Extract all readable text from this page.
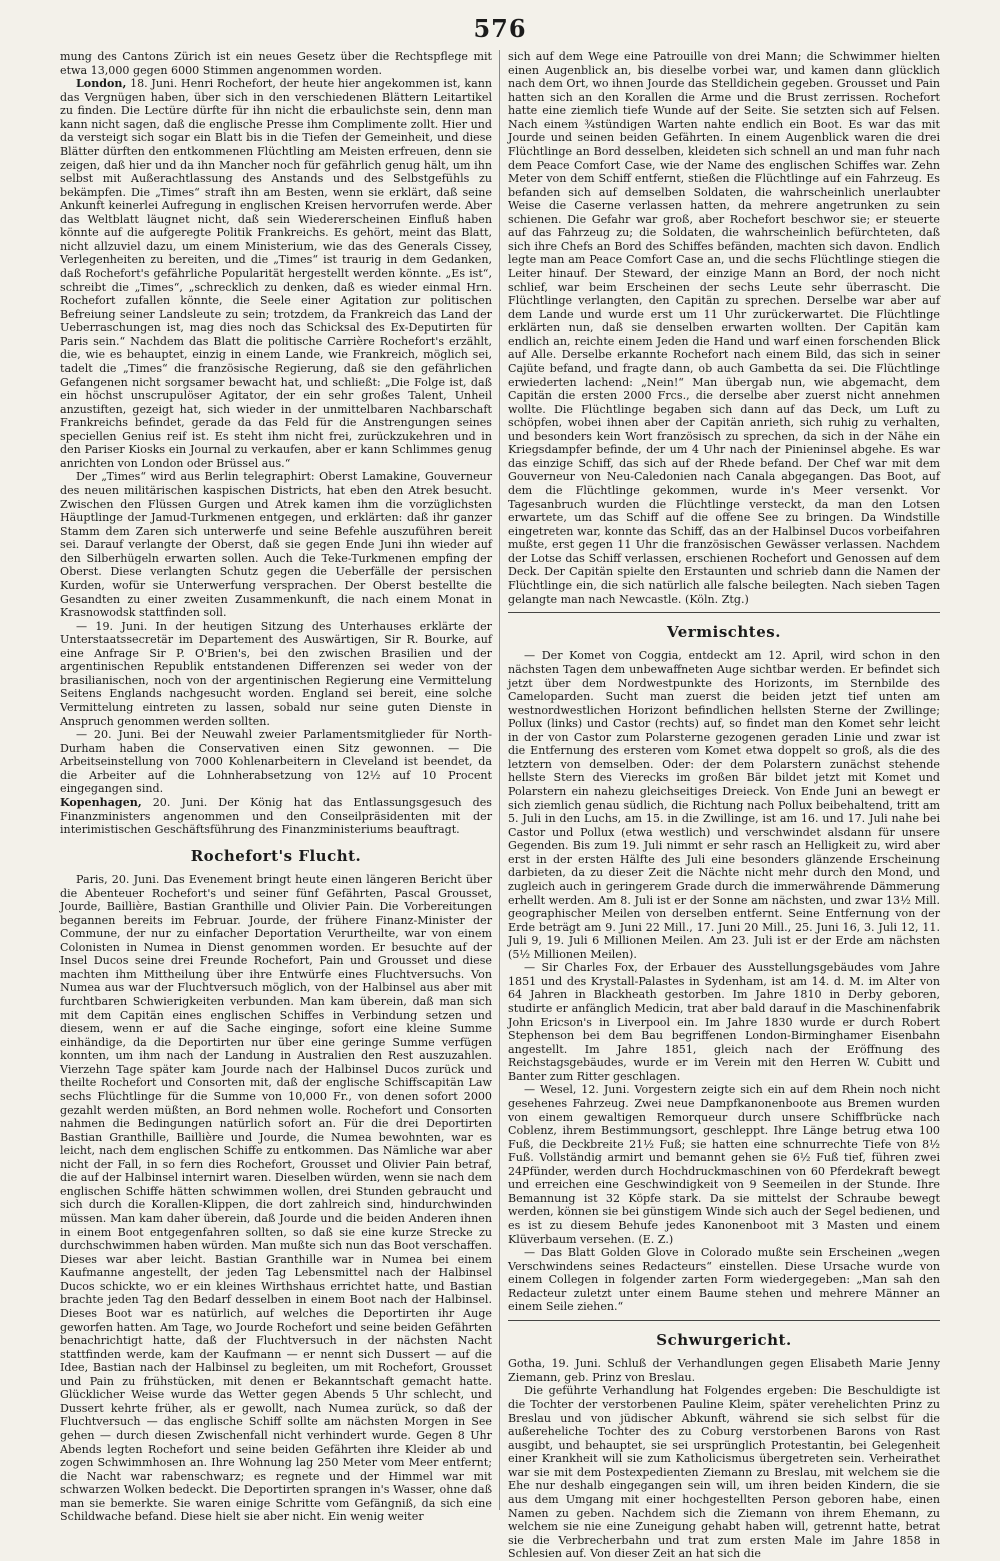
576

mung des Cantons Zürich ist ein neues Gesetz über die Rechtspflege mit etwa 13,000 gegen 6000 Stimmen angenommen worden.

London, 18. Juni. Henri Rochefort, der heute hier angekommen ist, kann das Vergnügen haben, über sich in den verschiedenen Blättern Leitartikel zu finden. Die Lectüre dürfte für ihn nicht die erbaulichste sein, denn man kann nicht sagen, daß die englische Presse ihm Complimente zollt. Hier und da versteigt sich sogar ein Blatt bis in die Tiefen der Gemeinheit, und diese Blätter dürften den entkommenen Flüchtling am Meisten erfreuen, denn sie zeigen, daß hier und da ihn Mancher noch für gefährlich genug hält, um ihn selbst mit Außerachtlassung des Anstands und des Selbstgefühls zu bekämpfen. Die „Times“ straft ihn am Besten, wenn sie erklärt, daß seine Ankunft keinerlei Aufregung in englischen Kreisen hervorrufen werde. Aber das Weltblatt läugnet nicht, daß sein Wiedererscheinen Einfluß haben könnte auf die aufgeregte Politik Frankreichs. Es gehört, meint das Blatt, nicht allzuviel dazu, um einem Ministerium, wie das des Generals Cissey, Verlegenheiten zu bereiten, und die „Times“ ist traurig in dem Gedanken, daß Rochefort's gefährliche Popularität hergestellt werden könnte. „Es ist“, schreibt die „Times“, „schrecklich zu denken, daß es wieder einmal Hrn. Rochefort zufallen könnte, die Seele einer Agitation zur politischen Befreiung seiner Landsleute zu sein; trotzdem, da Frankreich das Land der Ueberraschungen ist, mag dies noch das Schicksal des Ex-Deputirten für Paris sein.“ Nachdem das Blatt die politische Carrière Rochefort's erzählt, die, wie es behauptet, einzig in einem Lande, wie Frankreich, möglich sei, tadelt die „Times“ die französische Regierung, daß sie den gefährlichen Gefangenen nicht sorgsamer bewacht hat, und schließt: „Die Folge ist, daß ein höchst unscrupulöser Agitator, der ein sehr großes Talent, Unheil anzustiften, gezeigt hat, sich wieder in der unmittelbaren Nachbarschaft Frankreichs befindet, gerade da das Feld für die Anstrengungen seines speciellen Genius reif ist. Es steht ihm nicht frei, zurückzukehren und in den Pariser Kiosks ein Journal zu verkaufen, aber er kann Schlimmes genug anrichten von London oder Brüssel aus.“

Der „Times“ wird aus Berlin telegraphirt: Oberst Lamakine, Gouverneur des neuen militärischen kaspischen Districts, hat eben den Atrek besucht. Zwischen den Flüssen Gurgen und Atrek kamen ihm die vorzüglichsten Häuptlinge der Jamud-Turkmenen entgegen, und erklärten: daß ihr ganzer Stamm dem Zaren sich unterwerfe und seine Befehle auszuführen bereit sei. Darauf verlangte der Oberst, daß sie gegen Ende Juni ihn wieder auf den Silberhügeln erwarten sollen. Auch die Teke-Turkmenen empfing der Oberst. Diese verlangten Schutz gegen die Ueberfälle der persischen Kurden, wofür sie Unterwerfung versprachen. Der Oberst bestellte die Gesandten zu einer zweiten Zusammenkunft, die nach einem Monat in Krasnowodsk stattfinden soll.

— 19. Juni. In der heutigen Sitzung des Unterhauses erklärte der Unterstaatssecretär im Departement des Auswärtigen, Sir R. Bourke, auf eine Anfrage Sir P. O'Brien's, bei den zwischen Brasilien und der argentinischen Republik entstandenen Differenzen sei weder von der brasilianischen, noch von der argentinischen Regierung eine Vermittelung Seitens Englands nachgesucht worden. England sei bereit, eine solche Vermittelung eintreten zu lassen, sobald nur seine guten Dienste in Anspruch genommen werden sollten.

— 20. Juni. Bei der Neuwahl zweier Parlamentsmitglieder für North-Durham haben die Conservativen einen Sitz gewonnen. — Die Arbeitseinstellung von 7000 Kohlenarbeitern in Cleveland ist beendet, da die Arbeiter auf die Lohnherabsetzung von 12½ auf 10 Procent eingegangen sind.

Kopenhagen, 20. Juni. Der König hat das Entlassungsgesuch des Finanzministers angenommen und den Conseilpräsidenten mit der interimistischen Geschäftsführung des Finanzministeriums beauftragt.

Rochefort's Flucht.

Paris, 20. Juni. Das Evenement bringt heute einen längeren Bericht über die Abenteuer Rochefort's und seiner fünf Gefährten, Pascal Grousset, Jourde, Baillière, Bastian Granthille und Olivier Pain. Die Vorbereitungen begannen bereits im Februar. Jourde, der frühere Finanz-Minister der Commune, der nur zu einfacher Deportation Verurtheilte, war von einem Colonisten in Numea in Dienst genommen worden. Er besuchte auf der Insel Ducos seine drei Freunde Rochefort, Pain und Grousset und diese machten ihm Mittheilung über ihre Entwürfe eines Fluchtversuchs. Von Numea aus war der Fluchtversuch möglich, von der Halbinsel aus aber mit furchtbaren Schwierigkeiten verbunden. Man kam überein, daß man sich mit dem Capitän eines englischen Schiffes in Verbindung setzen und diesem, wenn er auf die Sache einginge, sofort eine kleine Summe einhändige, da die Deportirten nur über eine geringe Summe verfügen konnten, um ihm nach der Landung in Australien den Rest auszuzahlen. Vierzehn Tage später kam Jourde nach der Halbinsel Ducos zurück und theilte Rochefort und Consorten mit, daß der englische Schiffscapitän Law sechs Flüchtlinge für die Summe von 10,000 Fr., von denen sofort 2000 gezahlt werden müßten, an Bord nehmen wolle. Rochefort und Consorten nahmen die Bedingungen natürlich sofort an. Für die drei Deportirten Bastian Granthille, Baillière und Jourde, die Numea bewohnten, war es leicht, nach dem englischen Schiffe zu entkommen. Das Nämliche war aber nicht der Fall, in so fern dies Rochefort, Grousset und Olivier Pain betraf, die auf der Halbinsel internirt waren. Dieselben würden, wenn sie nach dem englischen Schiffe hätten schwimmen wollen, drei Stunden gebraucht und sich durch die Korallen-Klippen, die dort zahlreich sind, hindurchwinden müssen. Man kam daher überein, daß Jourde und die beiden Anderen ihnen in einem Boot entgegenfahren sollten, so daß sie eine kurze Strecke zu durchschwimmen haben würden. Man mußte sich nun das Boot verschaffen. Dieses war aber leicht. Bastian Granthille war in Numea bei einem Kaufmanne angestellt, der jeden Tag Lebensmittel nach der Halbinsel Ducos schickte, wo er ein kleines Wirthshaus errichtet hatte, und Bastian brachte jeden Tag den Bedarf desselben in einem Boot nach der Halbinsel. Dieses Boot war es natürlich, auf welches die Deportirten ihr Auge geworfen hatten. Am Tage, wo Jourde Rochefort und seine beiden Gefährten benachrichtigt hatte, daß der Fluchtversuch in der nächsten Nacht stattfinden werde, kam der Kaufmann — er nennt sich Dussert — auf die Idee, Bastian nach der Halbinsel zu begleiten, um mit Rochefort, Grousset und Pain zu frühstücken, mit denen er Bekanntschaft gemacht hatte. Glücklicher Weise wurde das Wetter gegen Abends 5 Uhr schlecht, und Dussert kehrte früher, als er gewollt, nach Numea zurück, so daß der Fluchtversuch — das englische Schiff sollte am nächsten Morgen in See gehen — durch diesen Zwischenfall nicht verhindert wurde. Gegen 8 Uhr Abends legten Rochefort und seine beiden Gefährten ihre Kleider ab und zogen Schwimmhosen an. Ihre Wohnung lag 250 Meter vom Meer entfernt; die Nacht war rabenschwarz; es regnete und der Himmel war mit schwarzen Wolken bedeckt. Die Deportirten sprangen in's Wasser, ohne daß man sie bemerkte. Sie waren einige Schritte vom Gefängniß, da sich eine Schildwache befand. Diese hielt sie aber nicht. Ein wenig weiter

sich auf dem Wege eine Patrouille von drei Mann; die Schwimmer hielten einen Augenblick an, bis dieselbe vorbei war, und kamen dann glücklich nach dem Ort, wo ihnen Jourde das Stelldichein gegeben. Grousset und Pain hatten sich an den Korallen die Arme und die Brust zerrissen. Rochefort hatte eine ziemlich tiefe Wunde auf der Seite. Sie setzten sich auf Felsen. Nach einem ¾stündigen Warten nahte endlich ein Boot. Es war das mit Jourde und seinen beiden Gefährten. In einem Augenblick waren die drei Flüchtlinge an Bord desselben, kleideten sich schnell an und man fuhr nach dem Peace Comfort Case, wie der Name des englischen Schiffes war. Zehn Meter von dem Schiff entfernt, stießen die Flüchtlinge auf ein Fahrzeug. Es befanden sich auf demselben Soldaten, die wahrscheinlich unerlaubter Weise die Caserne verlassen hatten, da mehrere angetrunken zu sein schienen. Die Gefahr war groß, aber Rochefort beschwor sie; er steuerte auf das Fahrzeug zu; die Soldaten, die wahrscheinlich befürchteten, daß sich ihre Chefs an Bord des Schiffes befänden, machten sich davon. Endlich legte man am Peace Comfort Case an, und die sechs Flüchtlinge stiegen die Leiter hinauf. Der Steward, der einzige Mann an Bord, der noch nicht schlief, war beim Erscheinen der sechs Leute sehr überrascht. Die Flüchtlinge verlangten, den Capitän zu sprechen. Derselbe war aber auf dem Lande und wurde erst um 11 Uhr zurückerwartet. Die Flüchtlinge erklärten nun, daß sie denselben erwarten wollten. Der Capitän kam endlich an, reichte einem Jeden die Hand und warf einen forschenden Blick auf Alle. Derselbe erkannte Rochefort nach einem Bild, das sich in seiner Cajüte befand, und fragte dann, ob auch Gambetta da sei. Die Flüchtlinge erwiederten lachend: „Nein!“ Man übergab nun, wie abgemacht, dem Capitän die ersten 2000 Frcs., die derselbe aber zuerst nicht annehmen wollte. Die Flüchtlinge begaben sich dann auf das Deck, um Luft zu schöpfen, wobei ihnen aber der Capitän anrieth, sich ruhig zu verhalten, und besonders kein Wort französisch zu sprechen, da sich in der Nähe ein Kriegsdampfer befinde, der um 4 Uhr nach der Pinieninsel abgehe. Es war das einzige Schiff, das sich auf der Rhede befand. Der Chef war mit dem Gouverneur von Neu-Caledonien nach Canala abgegangen. Das Boot, auf dem die Flüchtlinge gekommen, wurde in's Meer versenkt. Vor Tagesanbruch wurden die Flüchtlinge versteckt, da man den Lotsen erwartete, um das Schiff auf die offene See zu bringen. Da Windstille eingetreten war, konnte das Schiff, das an der Halbinsel Ducos vorbeifahren mußte, erst gegen 11 Uhr die französischen Gewässer verlassen. Nachdem der Lotse das Schiff verlassen, erschienen Rochefort und Genossen auf dem Deck. Der Capitän spielte den Erstaunten und schrieb dann die Namen der Flüchtlinge ein, die sich natürlich alle falsche beilegten. Nach sieben Tagen gelangte man nach Newcastle. (Köln. Ztg.)

Vermischtes.

— Der Komet von Coggia, entdeckt am 12. April, wird schon in den nächsten Tagen dem unbewaffneten Auge sichtbar werden. Er befindet sich jetzt über dem Nordwestpunkte des Horizonts, im Sternbilde des Cameloparden. Sucht man zuerst die beiden jetzt tief unten am westnordwestlichen Horizont befindlichen hellsten Sterne der Zwillinge; Pollux (links) und Castor (rechts) auf, so findet man den Komet sehr leicht in der von Castor zum Polarsterne gezogenen geraden Linie und zwar ist die Entfernung des ersteren vom Komet etwa doppelt so groß, als die des letztern von demselben. Oder: der dem Polarstern zunächst stehende hellste Stern des Vierecks im großen Bär bildet jetzt mit Komet und Polarstern ein nahezu gleichseitiges Dreieck. Von Ende Juni an bewegt er sich ziemlich genau südlich, die Richtung nach Pollux beibehaltend, tritt am 5. Juli in den Luchs, am 15. in die Zwillinge, ist am 16. und 17. Juli nahe bei Castor und Pollux (etwa westlich) und verschwindet alsdann für unsere Gegenden. Bis zum 19. Juli nimmt er sehr rasch an Helligkeit zu, wird aber erst in der ersten Hälfte des Juli eine besonders glänzende Erscheinung darbieten, da zu dieser Zeit die Nächte nicht mehr durch den Mond, und zugleich auch in geringerem Grade durch die immerwährende Dämmerung erhellt werden. Am 8. Juli ist er der Sonne am nächsten, und zwar 13½ Mill. geographischer Meilen von derselben entfernt. Seine Entfernung von der Erde beträgt am 9. Juni 22 Mill., 17. Juni 20 Mill., 25. Juni 16, 3. Juli 12, 11. Juli 9, 19. Juli 6 Millionen Meilen. Am 23. Juli ist er der Erde am nächsten (5½ Millionen Meilen).

— Sir Charles Fox, der Erbauer des Ausstellungsgebäudes vom Jahre 1851 und des Krystall-Palastes in Sydenham, ist am 14. d. M. im Alter von 64 Jahren in Blackheath gestorben. Im Jahre 1810 in Derby geboren, studirte er anfänglich Medicin, trat aber bald darauf in die Maschinenfabrik John Ericson's in Liverpool ein. Im Jahre 1830 wurde er durch Robert Stephenson bei dem Bau begriffenen London-Birminghamer Eisenbahn angestellt. Im Jahre 1851, gleich nach der Eröffnung des Reichstagsgebäudes, wurde er im Verein mit den Herren W. Cubitt und Banter zum Ritter geschlagen.

— Wesel, 12. Juni. Vorgestern zeigte sich ein auf dem Rhein noch nicht gesehenes Fahrzeug. Zwei neue Dampfkanonenboote aus Bremen wurden von einem gewaltigen Remorqueur durch unsere Schiffbrücke nach Coblenz, ihrem Bestimmungsort, geschleppt. Ihre Länge betrug etwa 100 Fuß, die Deckbreite 21½ Fuß; sie hatten eine schnurrechte Tiefe von 8½ Fuß. Vollständig armirt und bemannt gehen sie 6½ Fuß tief, führen zwei 24Pfünder, werden durch Hochdruckmaschinen von 60 Pferdekraft bewegt und erreichen eine Geschwindigkeit von 9 Seemeilen in der Stunde. Ihre Bemannung ist 32 Köpfe stark. Da sie mittelst der Schraube bewegt werden, können sie bei günstigem Winde sich auch der Segel bedienen, und es ist zu diesem Behufe jedes Kanonenboot mit 3 Masten und einem Klüverbaum versehen. (E. Z.)

— Das Blatt Golden Glove in Colorado mußte sein Erscheinen „wegen Verschwindens seines Redacteurs“ einstellen. Diese Ursache wurde von einem Collegen in folgender zarten Form wiedergegeben: „Man sah den Redacteur zuletzt unter einem Baume stehen und mehrere Männer an einem Seile ziehen.“

Schwurgericht.

Gotha, 19. Juni. Schluß der Verhandlungen gegen Elisabeth Marie Jenny Ziemann, geb. Prinz von Breslau.

Die geführte Verhandlung hat Folgendes ergeben: Die Beschuldigte ist die Tochter der verstorbenen Pauline Kleim, später verehelichten Prinz zu Breslau und von jüdischer Abkunft, während sie sich selbst für die außereheliche Tochter des zu Coburg verstorbenen Barons von Rast ausgibt, und behauptet, sie sei ursprünglich Protestantin, bei Gelegenheit einer Krankheit will sie zum Katholicismus übergetreten sein. Verheirathet war sie mit dem Postexpedienten Ziemann zu Breslau, mit welchem sie die Ehe nur deshalb eingegangen sein will, um ihren beiden Kindern, die sie aus dem Umgang mit einer hochgestellten Person geboren habe, einen Namen zu geben. Nachdem sich die Ziemann von ihrem Ehemann, zu welchem sie nie eine Zuneigung gehabt haben will, getrennt hatte, betrat sie die Verbrecherbahn und trat zum ersten Male im Jahre 1858 in Schlesien auf. Von dieser Zeit an hat sich die
